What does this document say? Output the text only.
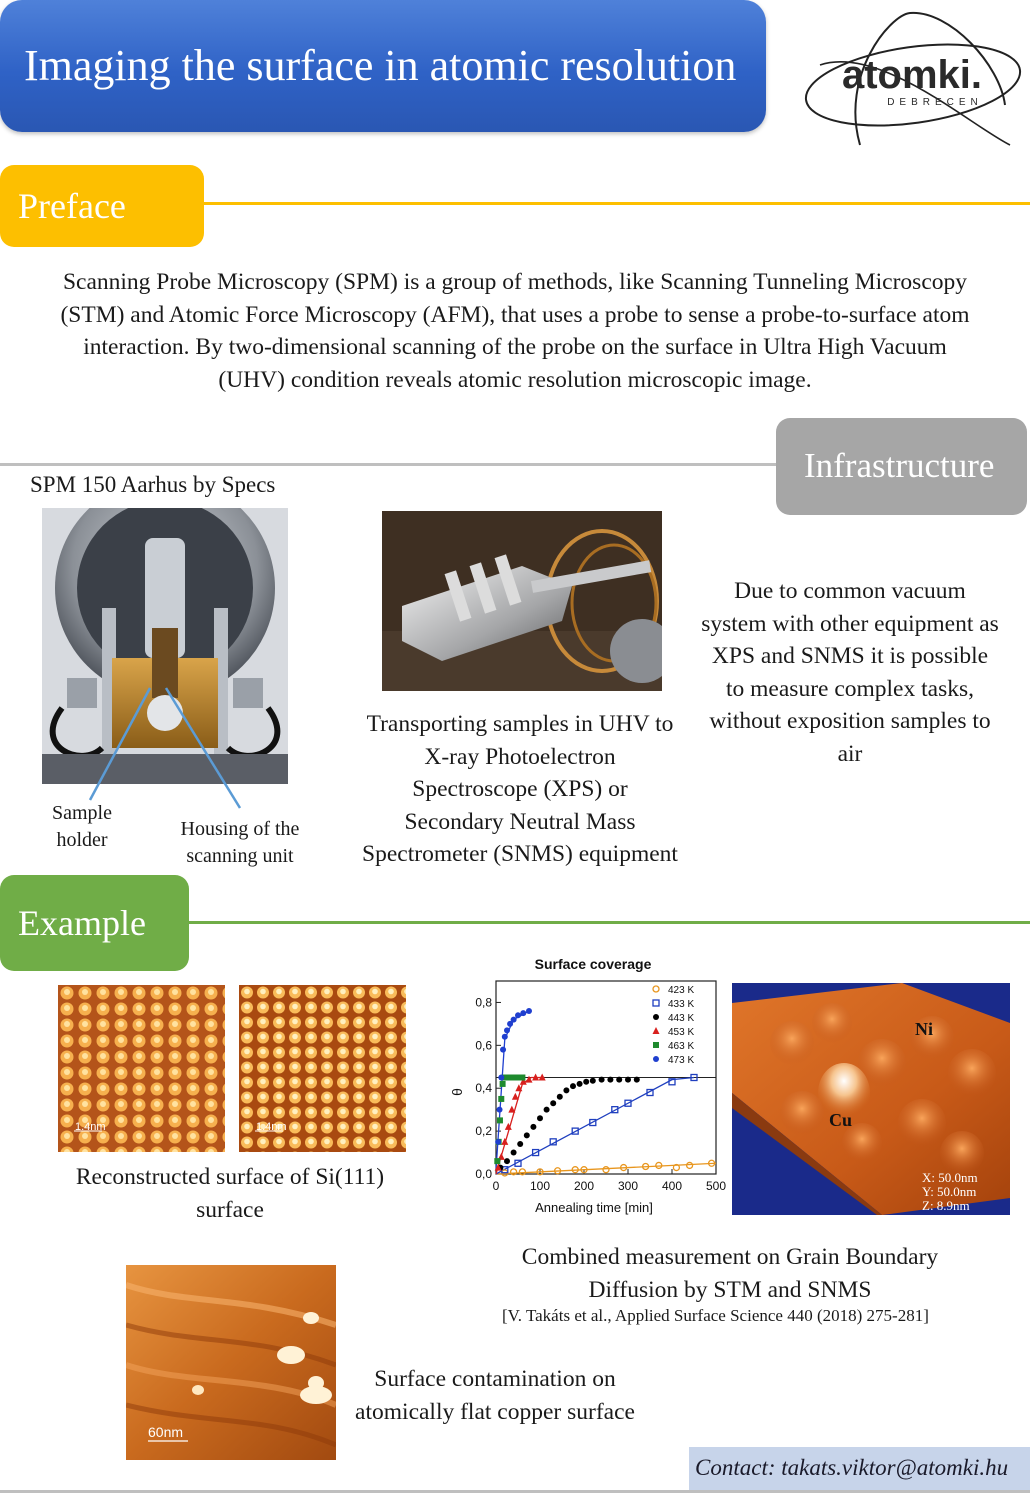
Imaging the surface in atomic resolution	atomki.
DEBRECEN
Preface
Scanning Probe Microscopy (SPM) is a group of methods, like Scanning Tunneling Microscopy (STM) and Atomic Force Microscopy (AFM), that uses a probe to sense a probe-to-surface atom interaction. By two-dimensional scanning of the probe on the surface in Ultra High Vacuum (UHV) condition reveals atomic resolution microscopic image.
Infrastructure
SPM 150 Aarhus by Specs
Sample holder	Housing of the scanning unit
Transporting samples in UHV to X-ray Photoelectron Spectroscope (XPS) or Secondary Neutral Mass Spectrometer (SNMS) equipment
Due to common vacuum system with other equipment as XPS and SNMS it is possible to measure complex tasks, without exposition samples to air
Example
1.4nm	1.4nm
Reconstructed surface of Si(111) surface
Surface coverage
Annealing time [min]
θ
0	100 200 300 400 500
0,0
0,2
0,4
0,6
0,8
423 K
433 K
443 K
453 K
463 K
473 K
Ni
Cu
X: 50.0nm
Y: 50.0nm
Z: 8.9nm
Combined measurement on Grain Boundary Diffusion by STM and SNMS
[V. Takáts et al., Applied Surface Science 440 (2018) 275-281]
60nm
Surface contamination on atomically flat copper surface
Contact: takats.viktor@atomki.hu
